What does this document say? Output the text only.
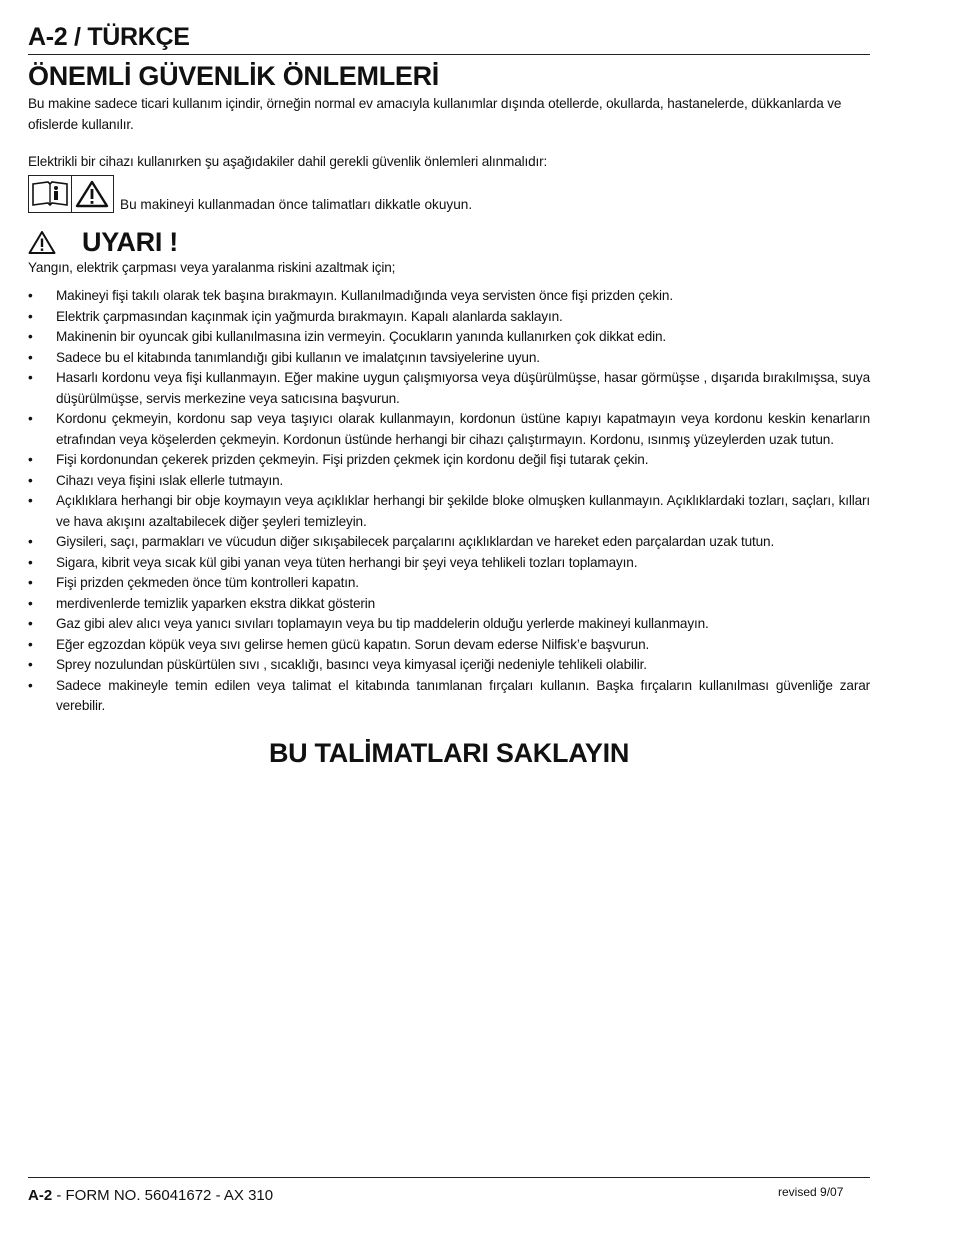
A-2 / TÜRKÇE
ÖNEMLİ GÜVENLİK ÖNLEMLERİ

Bu makine sadece ticari kullanım içindir, örneğin normal ev amacıyla kullanımlar dışında otellerde, okullarda, hastanelerde, dükkanlarda ve ofislerde kullanılır.

Elektrikli bir cihazı kullanırken şu aşağıdakiler dahil gerekli güvenlik önlemleri alınmalıdır:

Bu makineyi kullanmadan önce talimatları dikkatle okuyun.
UYARI !

Yangın, elektrik çarpması veya yaralanma riskini azaltmak için;

• Makineyi fişi takılı olarak tek başına bırakmayın. Kullanılmadığında veya servisten önce fişi prizden çekin.
• Elektrik çarpmasından kaçınmak için yağmurda bırakmayın. Kapalı alanlarda saklayın.
• Makinenin bir oyuncak gibi kullanılmasına izin vermeyin. Çocukların yanında kullanırken çok dikkat edin.
• Sadece bu el kitabında tanımlandığı gibi kullanın ve imalatçının tavsiyelerine uyun.
• Hasarlı kordonu veya fişi kullanmayın. Eğer makine uygun çalışmıyorsa veya düşürülmüşse, hasar görmüşse , dışarıda bırakılmışsa, suya düşürülmüşse, servis merkezine veya satıcısına başvurun.
• Kordonu çekmeyin, kordonu sap veya taşıyıcı olarak kullanmayın, kordonun üstüne kapıyı kapatmayın veya kordonu keskin kenarların etrafından veya köşelerden çekmeyin. Kordonun üstünde herhangi bir cihazı çalıştırmayın. Kordonu, ısınmış yüzeylerden uzak tutun.
• Fişi kordonundan çekerek prizden çekmeyin. Fişi prizden çekmek için kordonu değil fişi tutarak çekin.
• Cihazı veya fişini ıslak ellerle tutmayın.
• Açıklıklara herhangi bir obje koymayın veya açıklıklar herhangi bir şekilde bloke olmuşken kullanmayın. Açıklıklardaki tozları, saçları, kılları ve hava akışını azaltabilecek diğer şeyleri temizleyin.
• Giysileri, saçı, parmakları ve vücudun diğer sıkışabilecek parçalarını açıklıklardan ve hareket eden parçalardan uzak tutun.
• Sigara, kibrit veya sıcak kül gibi yanan veya tüten herhangi bir şeyi veya tehlikeli tozları toplamayın.
• Fişi prizden çekmeden önce tüm kontrolleri kapatın.
• merdivenlerde temizlik yaparken ekstra dikkat gösterin
• Gaz gibi alev alıcı veya yanıcı sıvıları toplamayın veya bu tip maddelerin olduğu yerlerde makineyi kullanmayın.
• Eğer egzozdan köpük veya sıvı gelirse hemen gücü kapatın. Sorun devam ederse Nilfisk’e başvurun.
• Sprey nozulundan püskürtülen sıvı , sıcaklığı, basıncı veya kimyasal içeriği nedeniyle tehlikeli olabilir.
• Sadece makineyle temin edilen veya talimat el kitabında tanımlanan fırçaları kullanın. Başka fırçaların kullanılması güvenliğe zarar verebilir.
BU TALİMATLARI SAKLAYIN
A-2 - FORM NO. 56041672 - AX 310	revised 9/07
